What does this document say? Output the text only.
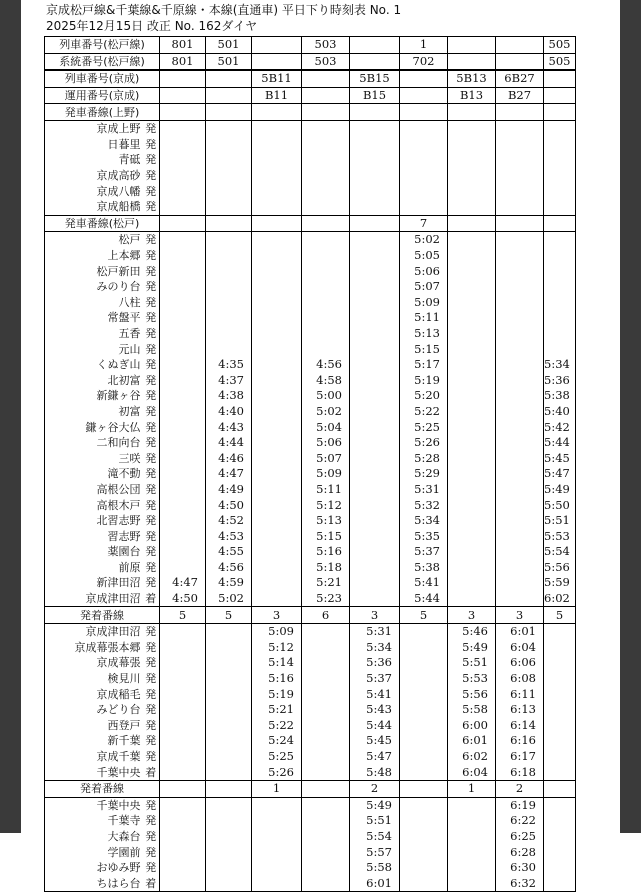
京成松戸線&千葉線&千原線・本線(直通車) 平日下り時刻表 No. 1
2025年12月15日 改正 No. 162ダイヤ
列車番号(松戸線)		801	501		503		1			505
系統番号(松戸線)		801	501		503		702			505
列車番号(京成)				5B11		5B15		5B13	6B27	
運用番号(京成)				B11		B15		B13	B27	
発車番線(上野)										
京成上野	発									
日暮里	発									
青砥	発									
京成高砂	発									
京成八幡	発									
京成船橋	発									
発車番線(松戸)							7			
松戸	発						5:02			
上本郷	発						5:05			
松戸新田	発						5:06			
みのり台	発						5:07			
八柱	発						5:09			
常盤平	発						5:11			
五香	発						5:13			
元山	発						5:15			
くぬぎ山	発		4:35		4:56		5:17			5:34
北初富	発		4:37		4:58		5:19			5:36
新鎌ヶ谷	発		4:38		5:00		5:20			5:38
初富	発		4:40		5:02		5:22			5:40
鎌ヶ谷大仏	発		4:43		5:04		5:25			5:42
二和向台	発		4:44		5:06		5:26			5:44
三咲	発		4:46		5:07		5:28			5:45
滝不動	発		4:47		5:09		5:29			5:47
高根公団	発		4:49		5:11		5:31			5:49
高根木戸	発		4:50		5:12		5:32			5:50
北習志野	発		4:52		5:13		5:34			5:51
習志野	発		4:53		5:15		5:35			5:53
薬園台	発		4:55		5:16		5:37			5:54
前原	発		4:56		5:18		5:38			5:56
新津田沼	発	4:47	4:59		5:21		5:41			5:59
京成津田沼	着	4:50	5:02		5:23		5:44			6:02
発着番線		5	5	3	6	3	5	3	3	5
京成津田沼	発			5:09		5:31		5:46	6:01	
京成幕張本郷	発			5:12		5:34		5:49	6:04	
京成幕張	発			5:14		5:36		5:51	6:06	
検見川	発			5:16		5:37		5:53	6:08	
京成稲毛	発			5:19		5:41		5:56	6:11	
みどり台	発			5:21		5:43		5:58	6:13	
西登戸	発			5:22		5:44		6:00	6:14	
新千葉	発			5:24		5:45		6:01	6:16	
京成千葉	発			5:25		5:47		6:02	6:17	
千葉中央	着			5:26		5:48		6:04	6:18	
発着番線				1		2		1	2	
千葉中央	発					5:49			6:19	
千葉寺	発					5:51			6:22	
大森台	発					5:54			6:25	
学園前	発					5:57			6:28	
おゆみ野	発					5:58			6:30	
ちはら台	着					6:01			6:32	
